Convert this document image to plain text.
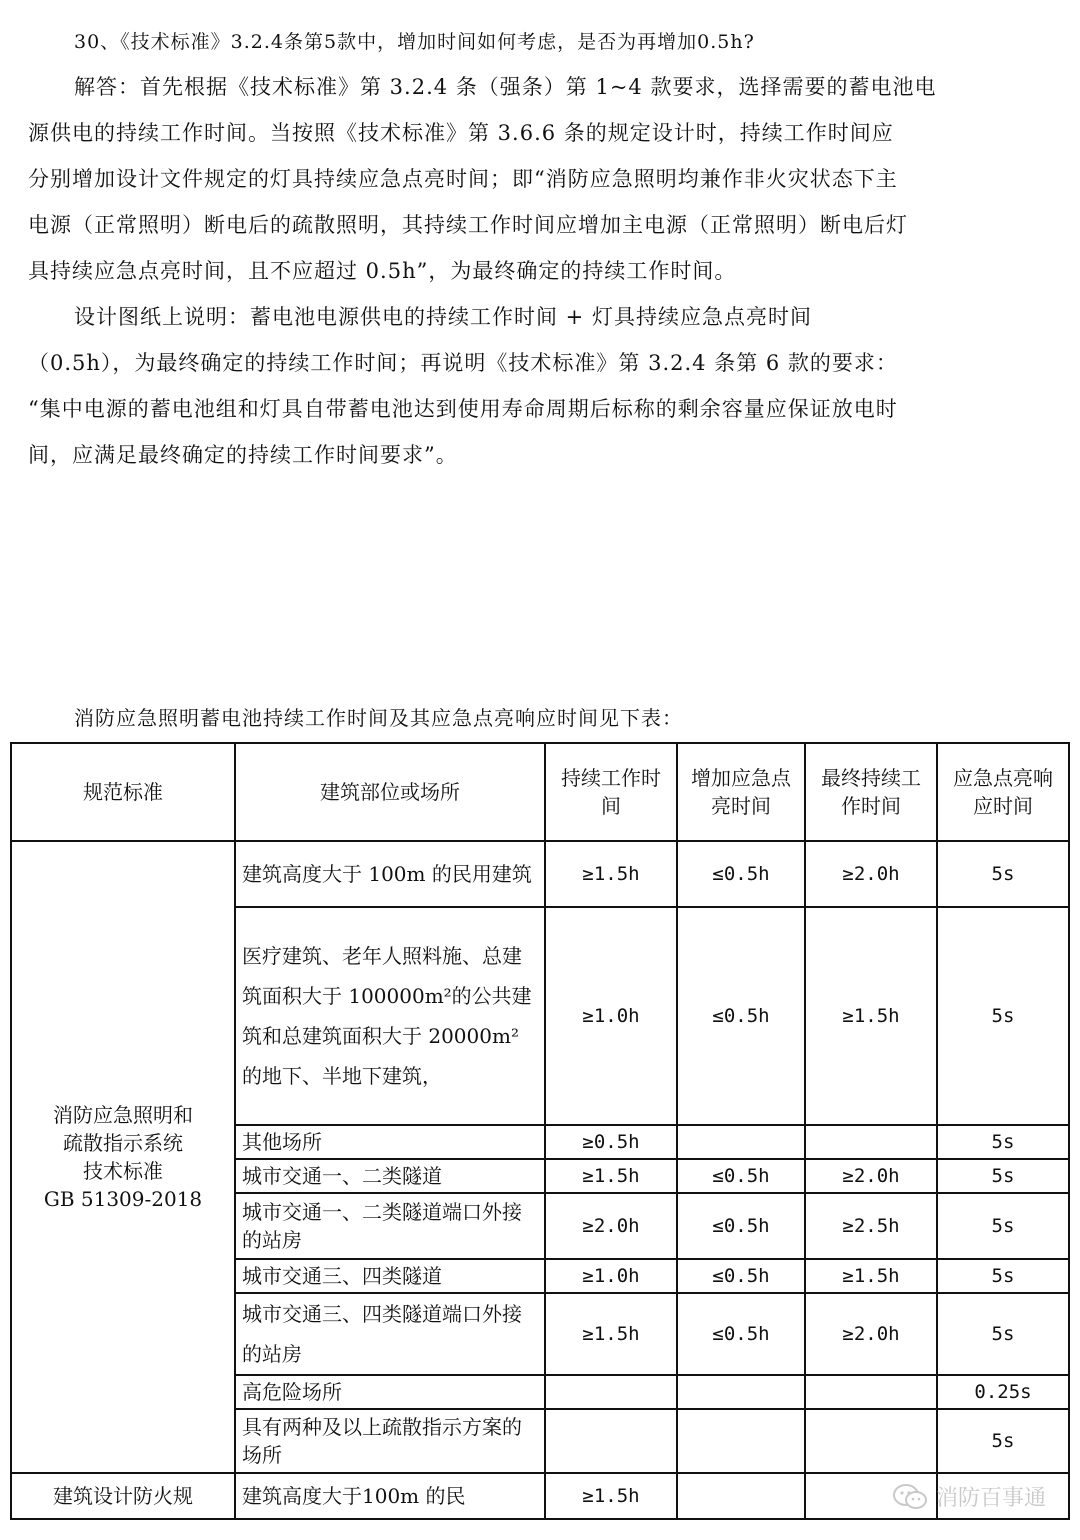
30、《技术标准》3.2.4条第5款中，增加时间如何考虑，是否为再增加0.5h?
解答：首先根据《技术标准》第 3.2.4 条（强条）第 1~4 款要求，选择需要的蓄电池电
源供电的持续工作时间。当按照《技术标准》第 3.6.6 条的规定设计时，持续工作时间应
分别增加设计文件规定的灯具持续应急点亮时间；即“消防应急照明均兼作非火灾状态下主
电源（正常照明）断电后的疏散照明，其持续工作时间应增加主电源（正常照明）断电后灯
具持续应急点亮时间，且不应超过 0.5h”，为最终确定的持续工作时间。
设计图纸上说明：蓄电池电源供电的持续工作时间 + 灯具持续应急点亮时间
（0.5h），为最终确定的持续工作时间；再说明《技术标准》第 3.2.4 条第 6 款的要求：
“集中电源的蓄电池组和灯具自带蓄电池达到使用寿命周期后标称的剩余容量应保证放电时
间，应满足最终确定的持续工作时间要求”。
消防应急照明蓄电池持续工作时间及其应急点亮响应时间见下表：
规范标准	建筑部位或场所	持续工作时间	增加应急点亮时间	最终持续工作时间	应急点亮响应时间

消防应急照明和
疏散指示系统
技术标准
GB 51309-2018	建筑高度大于 100m 的民用建筑	≥1.5h	≤0.5h	≥2.0h	5s
	医疗建筑、老年人照料施、总建筑面积大于 100000m²的公共建筑和总建筑面积大于 20000m²的地下、半地下建筑，	≥1.0h	≤0.5h	≥1.5h	5s
	其他场所	≥0.5h			5s
	城市交通一、二类隧道	≥1.5h	≤0.5h	≥2.0h	5s
	城市交通一、二类隧道端口外接的站房	≥2.0h	≤0.5h	≥2.5h	5s
	城市交通三、四类隧道	≥1.0h	≤0.5h	≥1.5h	5s
	城市交通三、四类隧道端口外接的站房	≥1.5h	≤0.5h	≥2.0h	5s
	高危险场所				0.25s
	具有两种及以上疏散指示方案的场所				5s
建筑设计防火规	建筑高度大于100m 的民	≥1.5h				消防百事通
